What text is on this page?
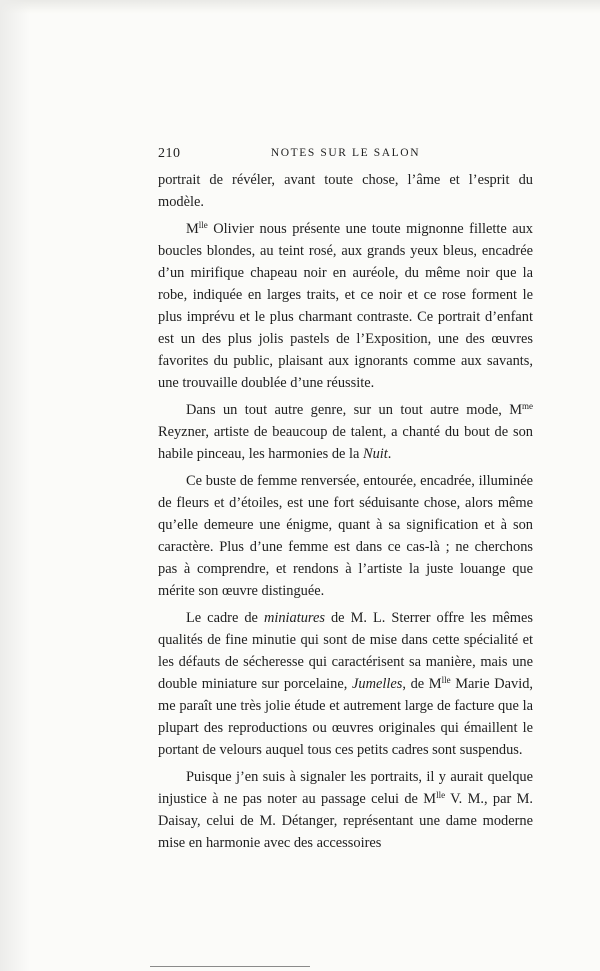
210	NOTES SUR LE SALON

portrait de révéler, avant toute chose, l’âme et l’esprit du modèle.

$M^{lle}$ Olivier nous présente une toute mignonne fillette aux boucles blondes, au teint rosé, aux grands yeux bleus, encadrée d’un mirifique chapeau noir en auréole, du même noir que la robe, indiquée en larges traits, et ce noir et ce rose forment le plus imprévu et le plus charmant contraste. Ce portrait d’enfant est un des plus jolis pastels de l’Exposition, une des œuvres favorites du public, plaisant aux ignorants comme aux savants, une trouvaille doublée d’une réussite.

Dans un tout autre genre, sur un tout autre mode, $M^{me}$ Reyzner, artiste de beaucoup de talent, a chanté du bout de son habile pinceau, les harmonies de la Nuit.

Ce buste de femme renversée, entourée, encadrée, illuminée de fleurs et d’étoiles, est une fort séduisante chose, alors même qu’elle demeure une énigme, quant à sa signification et à son caractère. Plus d’une femme est dans ce cas-là ; ne cherchons pas à comprendre, et rendons à l’artiste la juste louange que mérite son œuvre distinguée.

Le cadre de miniatures de M. L. Sterrer offre les mêmes qualités de fine minutie qui sont de mise dans cette spécialité et les défauts de sécheresse qui caractérisent sa manière, mais une double miniature sur porcelaine, Jumelles, de $M^{lle}$ Marie David, me paraît une très jolie étude et autrement large de facture que la plupart des reproductions ou œuvres originales qui émaillent le portant de velours auquel tous ces petits cadres sont suspendus.

Puisque j’en suis à signaler les portraits, il y aurait quelque injustice à ne pas noter au passage celui de $M^{lle}$ V. M., par M. Daisay, celui de M. Détanger, représentant une dame moderne mise en harmonie avec des accessoires
